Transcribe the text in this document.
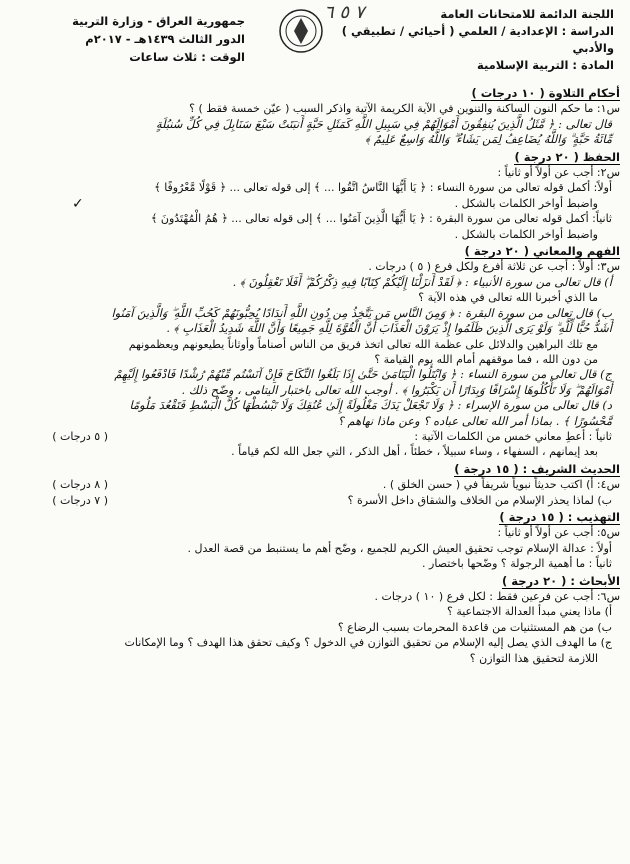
اللجنة الدائمة للامتحانات العامة
الدراسة : الإعدادية / العلمي ( أحيائي / تطبيقي ) والأدبي
المادة : التربية الإسلامية
٧ ٥ ٦
جمهورية العراق - وزارة التربية
الدور الثالث ١٤٣٩هـ - ٢٠١٧م
الوقت : ثلاث ساعات
✓
أحكام التلاوة ( ١٠ درجات )
س١: ما حكم النون الساكنة والتنوين في الآية الكريمة الآتية واذكر السبب ( عيّن خمسة فقط ) ؟
قال تعالى : ﴿ مَّثَلُ الَّذِينَ يُنفِقُونَ أَمْوَالَهُمْ فِي سَبِيلِ اللَّهِ كَمَثَلِ حَبَّةٍ أَنبَتَتْ سَبْعَ سَنَابِلَ فِي كُلِّ سُنبُلَةٍ
مِّائَةُ حَبَّةٍ ۗ وَاللَّهُ يُضَاعِفُ لِمَن يَشَاءُ ۗ وَاللَّهُ وَاسِعٌ عَلِيمٌ ﴾
الحفظ ( ٢٠ درجة )
س٢: أجب عن أولاً أو ثانياً :
أولاً: أكمل قوله تعالى من سورة النساء : ﴿ يَا أَيُّهَا النَّاسُ اتَّقُوا ... ﴾ إلى قوله تعالى ... ﴿ قَوْلًا مَّعْرُوفًا ﴾
واضبط أواخر الكلمات بالشكل .
ثانياً: أكمل قوله تعالى من سورة البقرة : ﴿ يَا أَيُّهَا الَّذِينَ آمَنُوا ... ﴾ إلى قوله تعالى ... ﴿ هُمُ الْمُهْتَدُونَ ﴾
واضبط أواخر الكلمات بالشكل .
الفهم والمعاني ( ٢٠ درجة )
س٣: أولاً : أجب عن ثلاثة أفرع ولكل فرع ( ٥ ) درجات .
أ) قال تعالى من سورة الأنبياء : ﴿ لَقَدْ أَنزَلْنَا إِلَيْكُمْ كِتَابًا فِيهِ ذِكْرُكُمْ ۖ أَفَلَا تَعْقِلُونَ ﴾ .
ما الذي أخبرنا الله تعالى في هذه الآية ؟
ب) قال تعالى من سورة البقرة : ﴿ وَمِنَ النَّاسِ مَن يَتَّخِذُ مِن دُونِ اللَّهِ أَندَادًا يُحِبُّونَهُمْ كَحُبِّ اللَّهِ ۖ وَالَّذِينَ آمَنُوا
أَشَدُّ حُبًّا لِّلَّهِ ۗ وَلَوْ يَرَى الَّذِينَ ظَلَمُوا إِذْ يَرَوْنَ الْعَذَابَ أَنَّ الْقُوَّةَ لِلَّهِ جَمِيعًا وَأَنَّ اللَّهَ شَدِيدُ الْعَذَابِ ﴾ .
مع تلك البراهين والدلائل على عظمة الله تعالى اتخذ فريق من الناس أصناماً وأوثاناً يطيعونهم ويعظمونهم
من دون الله ، فما موقفهم أمام الله يوم القيامة ؟
ج) قال تعالى من سورة النساء : ﴿ وَابْتَلُوا الْيَتَامَىٰ حَتَّىٰ إِذَا بَلَغُوا النِّكَاحَ فَإِنْ آنَسْتُم مِّنْهُمْ رُشْدًا فَادْفَعُوا إِلَيْهِمْ
أَمْوَالَهُمْ ۖ وَلَا تَأْكُلُوهَا إِسْرَافًا وَبِدَارًا أَن يَكْبَرُوا ﴾ . أوجب الله تعالى باختبار اليتامى ، وضّح ذلك .
د) قال تعالى من سورة الإسراء : ﴿ وَلَا تَجْعَلْ يَدَكَ مَغْلُولَةً إِلَىٰ عُنُقِكَ وَلَا تَبْسُطْهَا كُلَّ الْبَسْطِ فَتَقْعُدَ مَلُومًا
مَّحْسُورًا ﴾ . بماذا أمر الله تعالى عباده ؟ وعن ماذا نهاهم ؟
( ٥ درجات )	ثانياً : أعطِ معاني خمس من الكلمات الآتية :
بعد إيمانهم ، السفهاء ، وساء سبيلاً ، خطئاً ، أهل الذكر ، التي جعل الله لكم قياماً .
الحديث الشريف : ( ١٥ درجة )
( ٨ درجات )	س٤: أ) اكتب حديثاً نبوياً شريفاً في ( حسن الخلق ) .
( ٧ درجات )	ب) لماذا يحذر الإسلام من الخلاف والشقاق داخل الأسرة ؟
التهذيب : ( ١٥ درجة )
س٥: أجب عن أولاً أو ثانياً :
أولاً : عدالة الإسلام توجب تحقيق العيش الكريم للجميع ، وضّح أهم ما يستنبط من قصة العدل .
ثانياً : ما أهمية الرجولة ؟ وضّحها باختصار .
الأبحاث : ( ٢٠ درجة )
س٦: أجب عن فرعين فقط : لكل فرع ( ١٠ ) درجات .
أ) ماذا يعني مبدأ العدالة الاجتماعية ؟
ب) من هم المستثنيات من قاعدة المحرمات بسبب الرضاع ؟
ج) ما الهدف الذي يصل إليه الإسلام من تحقيق التوازن في الدخول ؟ وكيف تحقق هذا الهدف ؟ وما الإمكانات
اللازمة لتحقيق هذا التوازن ؟
